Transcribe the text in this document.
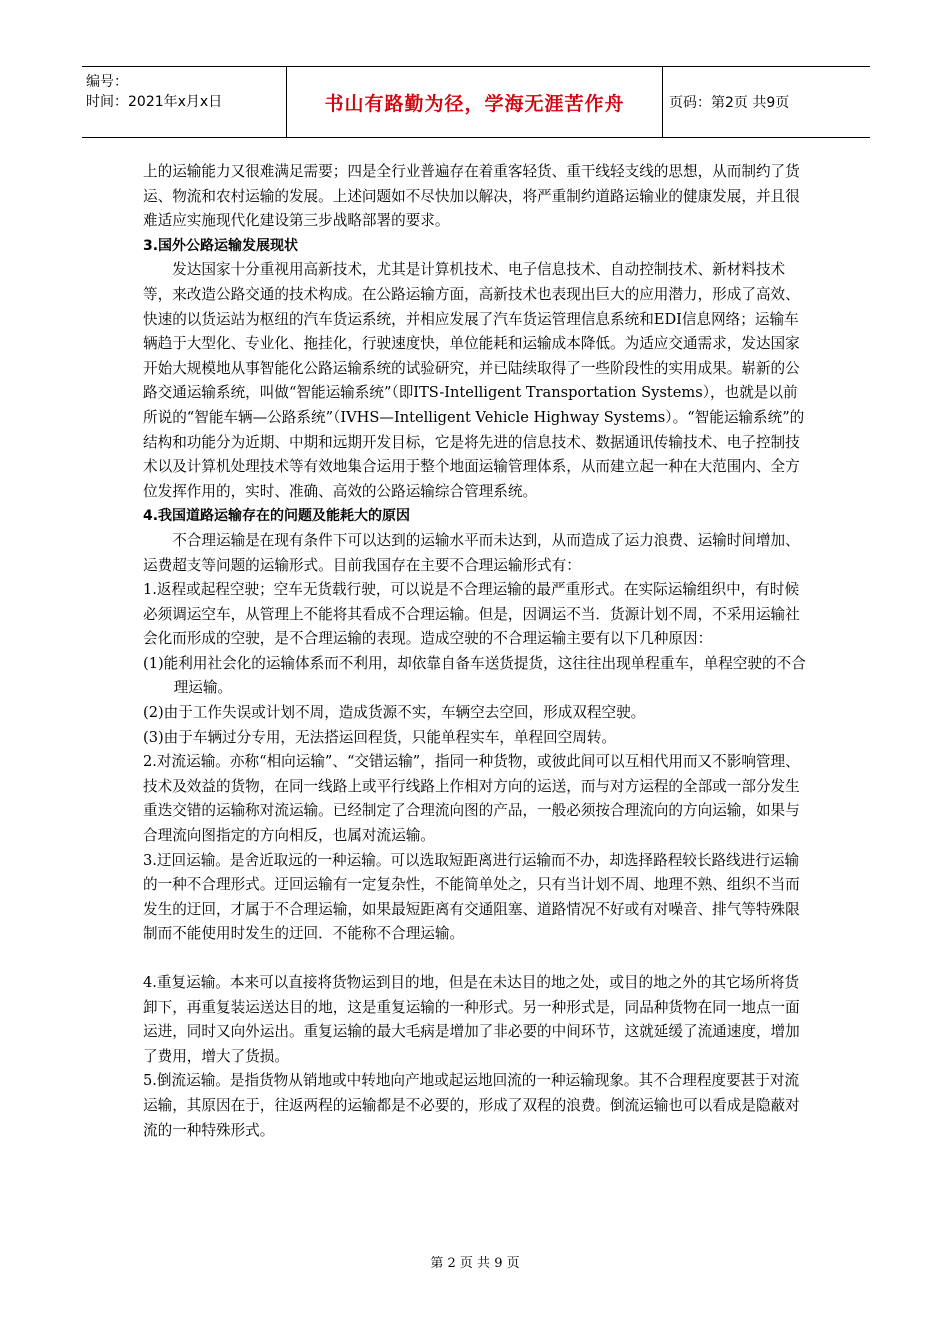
编号：
时间：2021年x月x日	书山有路勤为径，学海无涯苦作舟	页码：第2页 共9页

上的运输能力又很难满足需要；四是全行业普遍存在着重客轻货、重干线轻支线的思想，从而制约了货运、物流和农村运输的发展。上述问题如不尽快加以解决，将严重制约道路运输业的健康发展，并且很难适应实施现代化建设第三步战略部署的要求。

3.国外公路运输发展现状

发达国家十分重视用高新技术，尤其是计算机技术、电子信息技术、自动控制技术、新材料技术等，来改造公路交通的技术构成。在公路运输方面，高新技术也表现出巨大的应用潜力，形成了高效、快速的以货运站为枢纽的汽车货运系统，并相应发展了汽车货运管理信息系统和EDI信息网络；运输车辆趋于大型化、专业化、拖挂化，行驶速度快，单位能耗和运输成本降低。为适应交通需求，发达国家开始大规模地从事智能化公路运输系统的试验研究，并已陆续取得了一些阶段性的实用成果。崭新的公路交通运输系统，叫做“智能运输系统”（即ITS-Intelligent Transportation Systems），也就是以前所说的“智能车辆—公路系统”（IVHS—Intelligent Vehicle Highway Systems）。“智能运输系统”的结构和功能分为近期、中期和远期开发目标，它是将先进的信息技术、数据通讯传输技术、电子控制技术以及计算机处理技术等有效地集合运用于整个地面运输管理体系，从而建立起一种在大范围内、全方位发挥作用的，实时、准确、高效的公路运输综合管理系统。

4.我国道路运输存在的问题及能耗大的原因

不合理运输是在现有条件下可以达到的运输水平而未达到，从而造成了运力浪费、运输时间增加、运费超支等问题的运输形式。目前我国存在主要不合理运输形式有：

1.返程或起程空驶；空车无货载行驶，可以说是不合理运输的最严重形式。在实际运输组织中，有时候必须调运空车，从管理上不能将其看成不合理运输。但是，因调运不当．货源计划不周，不采用运输社会化而形成的空驶，是不合理运输的表现。造成空驶的不合理运输主要有以下几种原因：

(1)能利用社会化的运输体系而不利用，却依靠自备车送货提货，这往往出现单程重车，单程空驶的不合理运输。

(2)由于工作失误或计划不周，造成货源不实，车辆空去空回，形成双程空驶。

(3)由于车辆过分专用，无法搭运回程货，只能单程实车，单程回空周转。

2.对流运输。亦称“相向运输”、“交错运输”，指同一种货物，或彼此间可以互相代用而又不影响管理、技术及效益的货物，在同一线路上或平行线路上作相对方向的运送，而与对方运程的全部或一部分发生重迭交错的运输称对流运输。已经制定了合理流向图的产品，一般必须按合理流向的方向运输，如果与合理流向图指定的方向相反，也属对流运输。

3.迂回运输。是舍近取远的一种运输。可以选取短距离进行运输而不办，却选择路程较长路线进行运输的一种不合理形式。迂回运输有一定复杂性，不能简单处之，只有当计划不周、地理不熟、组织不当而发生的迂回，才属于不合理运输，如果最短距离有交通阻塞、道路情况不好或有对噪音、排气等特殊限制而不能使用时发生的迂回．不能称不合理运输。

4.重复运输。本来可以直接将货物运到目的地，但是在未达目的地之处，或目的地之外的其它场所将货卸下，再重复装运送达目的地，这是重复运输的一种形式。另一种形式是，同品种货物在同一地点一面运进，同时又向外运出。重复运输的最大毛病是增加了非必要的中间环节，这就延缓了流通速度，增加了费用，增大了货损。

5.倒流运输。是指货物从销地或中转地向产地或起运地回流的一种运输现象。其不合理程度要甚于对流运输，其原因在于，往返两程的运输都是不必要的，形成了双程的浪费。倒流运输也可以看成是隐蔽对流的一种特殊形式。

第 2 页 共 9 页
